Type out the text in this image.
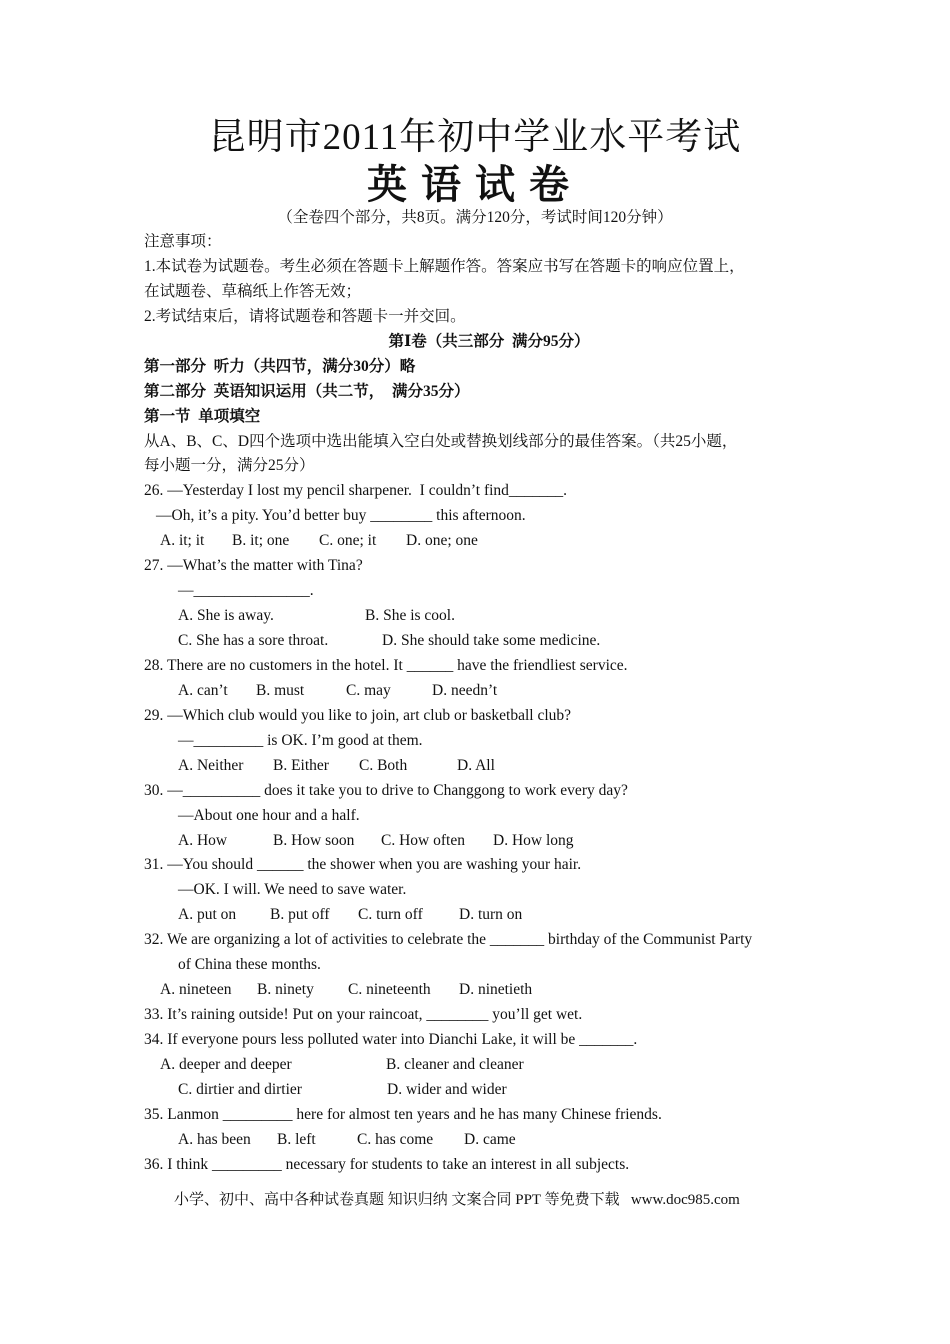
昆明市2011年初中学业水平考试
英语试卷
（全卷四个部分，共8页。满分120分，考试时间120分钟）
注意事项：
1.本试卷为试题卷。考生必须在答题卡上解题作答。答案应书写在答题卡的响应位置上，
在试题卷、草稿纸上作答无效；
2.考试结束后，请将试题卷和答题卡一并交回。
第Ⅰ卷（共三部分  满分95分）
第一部分  听力（共四节，满分30分）略
第二部分  英语知识运用（共二节，  满分35分）
第一节  单项填空
从A、B、C、D四个选项中选出能填入空白处或替换划线部分的最佳答案。（共25小题，
每小题一分，满分25分）
26. —Yesterday I lost my pencil sharpener.  I couldn’t find_______.
—Oh, it’s a pity. You’d better buy ________ this afternoon.
A. it; it B. it; one C. one; it D. one; one
27. —What’s the matter with Tina?
—_______________.
A. She is away.	B. She is cool.
C. She has a sore throat.	D. She should take some medicine.
28. There are no customers in the hotel. It ______ have the friendliest service.
A. can’t B. must	C. may	D. needn’t
29. —Which club would you like to join, art club or basketball club?
—_________ is OK. I’m good at them.
A. Neither B. Either C. Both	D. All
30. —__________ does it take you to drive to Changgong to work every day?
—About one hour and a half.
A. How	B. How soon C. How often D. How long
31. —You should ______ the shower when you are washing your hair.
—OK. I will. We need to save water.
A. put on B. put off C. turn off D. turn on
32. We are organizing a lot of activities to celebrate the _______ birthday of the Communist Party
of China these months.
A. nineteen B. ninety C. nineteenth D. ninetieth
33. It’s raining outside! Put on your raincoat, ________ you’ll get wet.
34. If everyone pours less polluted water into Dianchi Lake, it will be _______.
A. deeper and deeper	B. cleaner and cleaner
C. dirtier and dirtier	D. wider and wider
35. Lanmon _________ here for almost ten years and he has many Chinese friends.
A. has been B. left	C. has come D. came
36. I think _________ necessary for students to take an interest in all subjects.
小学、初中、高中各种试卷真题 知识归纳 文案合同 PPT 等免费下载   www.doc985.com
